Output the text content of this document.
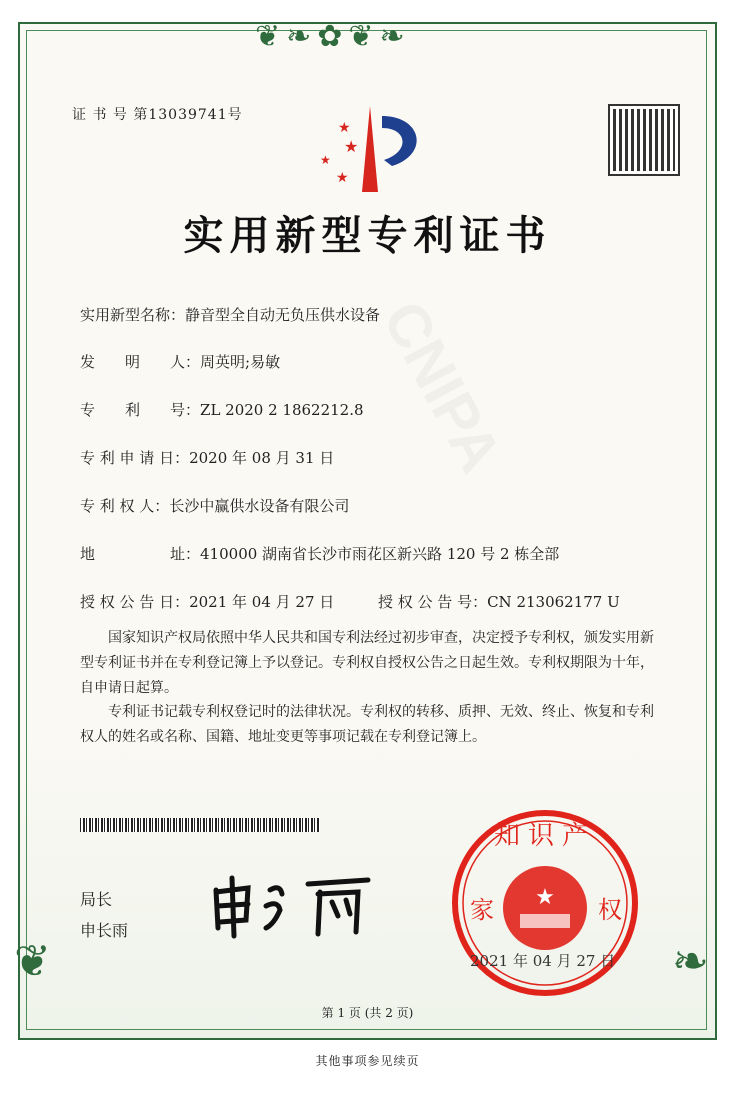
❦❧✿❦❧
❦	❧
证 书 号 第13039741号
★
★
★
★
实用新型专利证书
实用新型名称：静音型全自动无负压供水设备
发　　明　　人：周英明;易敏
专　　利　　号：ZL 2020 2 1862212.8
专 利 申 请 日：2020 年 08 月 31 日
专 利 权 人：长沙中赢供水设备有限公司
地　　　　　址：410000 湖南省长沙市雨花区新兴路 120 号 2 栋全部
授 权 公 告 日：2021 年 04 月 27 日	授 权 公 告 号：CN 213062177 U
国家知识产权局依照中华人民共和国专利法经过初步审查，决定授予专利权，颁发实用新型专利证书并在专利登记簿上予以登记。专利权自授权公告之日起生效。专利权期限为十年，自申请日起算。
专利证书记载专利权登记时的法律状况。专利权的转移、质押、无效、终止、恢复和专利权人的姓名或名称、国籍、地址变更等事项记载在专利登记簿上。
局长
申长雨
★
知识产
家	权
2021 年 04 月 27 日
第 1 页 (共 2 页)
其他事项参见续页
